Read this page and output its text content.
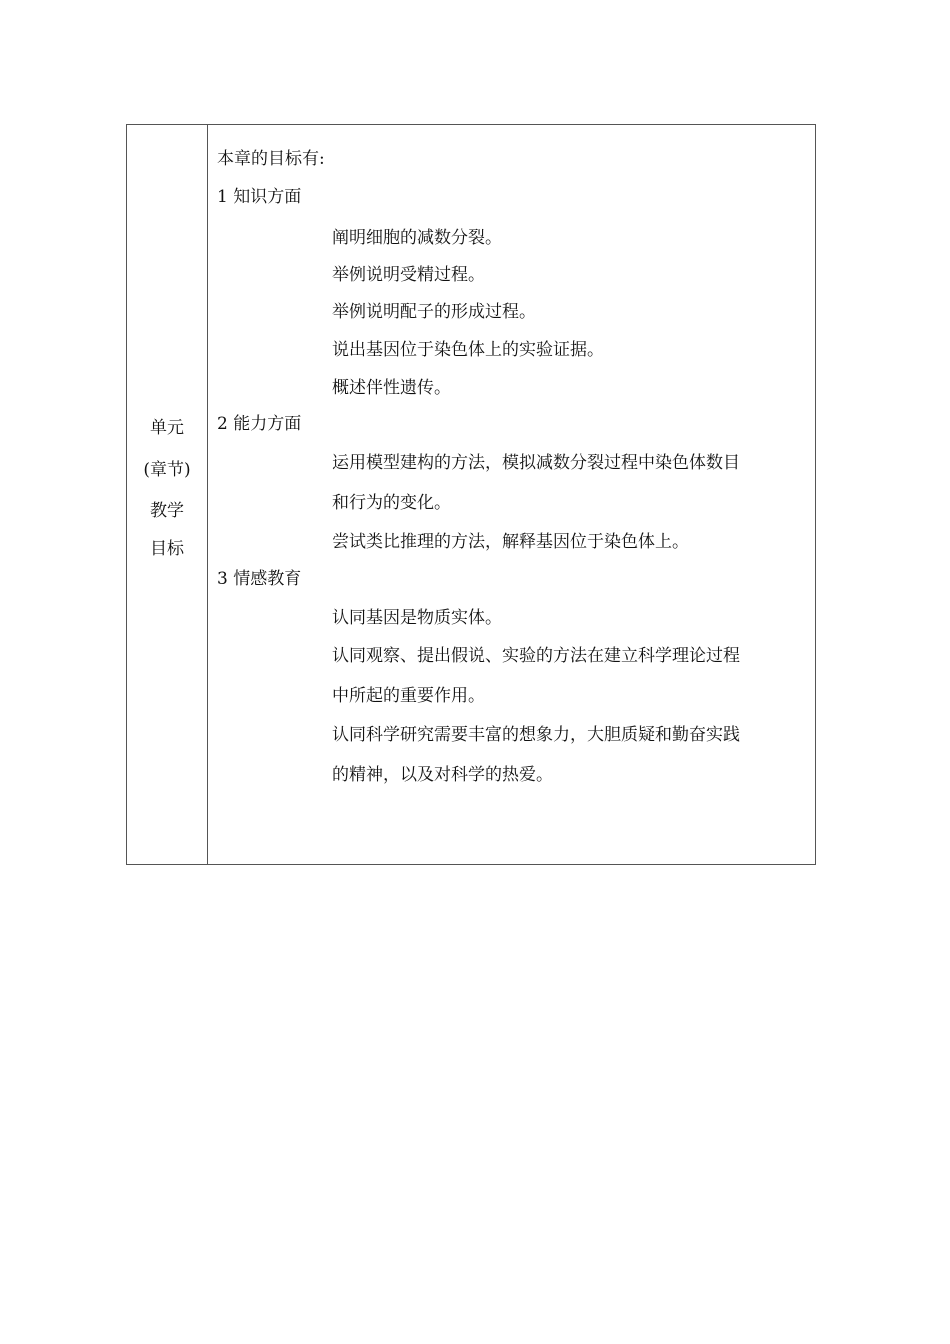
单元
(章节)
教学
目标
本章的目标有:
1 知识方面
阐明细胞的减数分裂。
举例说明受精过程。
举例说明配子的形成过程。
说出基因位于染色体上的实验证据。
概述伴性遗传。
2 能力方面
运用模型建构的方法，模拟减数分裂过程中染色体数目
和行为的变化。
尝试类比推理的方法，解释基因位于染色体上。
3 情感教育
认同基因是物质实体。
认同观察、提出假说、实验的方法在建立科学理论过程
中所起的重要作用。
认同科学研究需要丰富的想象力，大胆质疑和勤奋实践
的精神，以及对科学的热爱。
